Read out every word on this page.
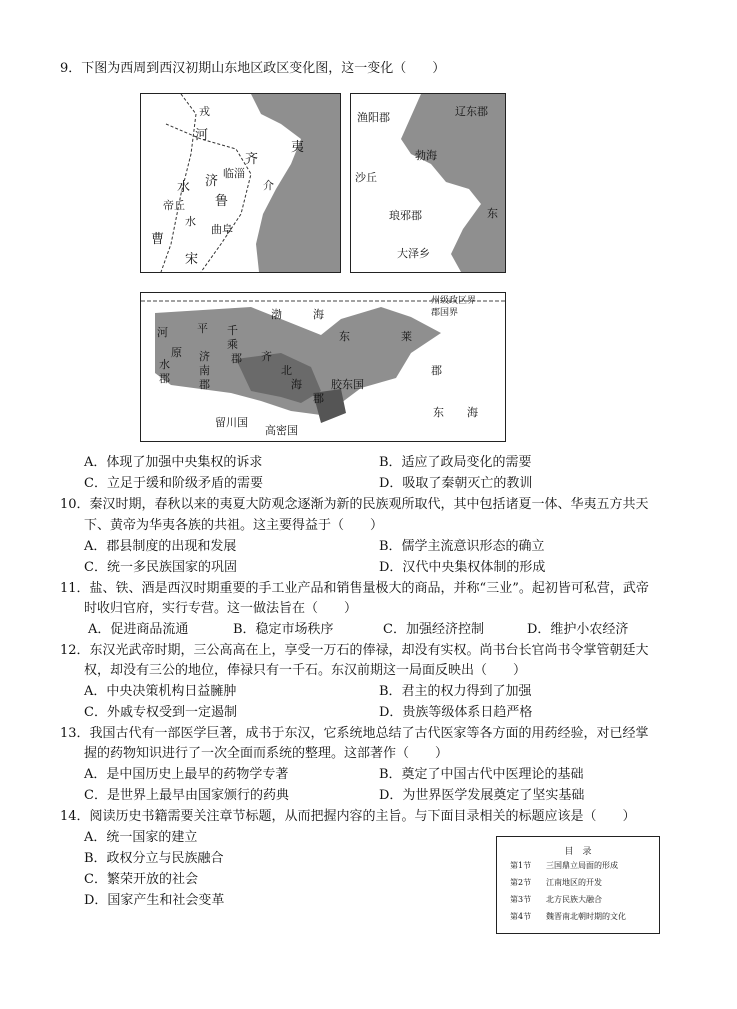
9．下图为西周到西汉初期山东地区政区变化图，这一变化（　　）
戎
河
齐
临淄
夷
济	介
水
帝丘 鲁
水
曲阜
曹
宋
渔阳郡	辽东郡
勃海
沙丘
琅邪郡	东
大泽乡
州级政区界
郡国界
渤	海
东	莱
河	平 千
乘
原	郡
济
南
郡
齐
北
海	胶东国
郡
水
郡
郡
东 海
留川国
高密国
A．体现了加强中央集权的诉求	B．适应了政局变化的需要
C．立足于缓和阶级矛盾的需要	D．吸取了秦朝灭亡的教训
10．秦汉时期，春秋以来的夷夏大防观念逐渐为新的民族观所取代，其中包括诸夏一体、华夷五方共天
下、黄帝为华夷各族的共祖。这主要得益于（　　）
A．郡县制度的出现和发展	B．儒学主流意识形态的确立
C．统一多民族国家的巩固	D．汉代中央集权体制的形成
11．盐、铁、酒是西汉时期重要的手工业产品和销售量极大的商品，并称“三业”。起初皆可私营，武帝
时收归官府，实行专营。这一做法旨在（　　）
A．促进商品流通	B．稳定市场秩序	C．加强经济控制	D．维护小农经济
12．东汉光武帝时期，三公高高在上，享受一万石的俸禄，却没有实权。尚书台长官尚书令掌管朝廷大
权，却没有三公的地位，俸禄只有一千石。东汉前期这一局面反映出（　　）
A．中央决策机构日益臃肿	B．君主的权力得到了加强
C．外戚专权受到一定遏制	D．贵族等级体系日趋严格
13．我国古代有一部医学巨著，成书于东汉，它系统地总结了古代医家等各方面的用药经验，对已经掌
握的药物知识进行了一次全面而系统的整理。这部著作（　　）
A．是中国历史上最早的药物学专著	B．奠定了中国古代中医理论的基础
C．是世界上最早由国家颁行的药典	D．为世界医学发展奠定了坚实基础
14．阅读历史书籍需要关注章节标题，从而把握内容的主旨。与下面目录相关的标题应该是（　　）
A．统一国家的建立
B．政权分立与民族融合
C．繁荣开放的社会
D．国家产生和社会变革
目　录
第1节 三国鼎立局面的形成
第2节 江南地区的开发
第3节 北方民族大融合
第4节 魏晋南北朝时期的文化
